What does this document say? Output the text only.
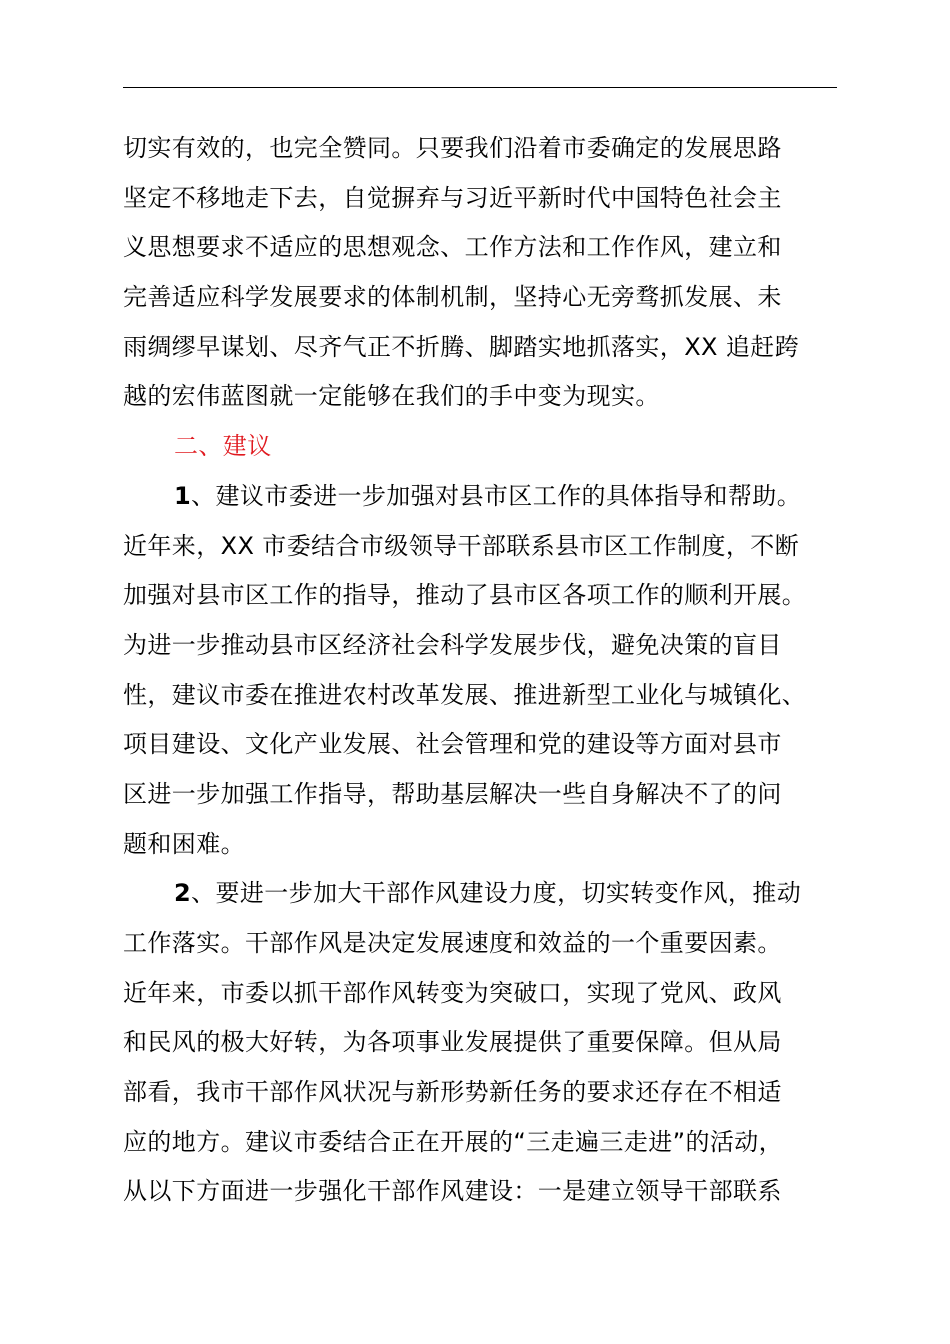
切实有效的，也完全赞同。只要我们沿着市委确定的发展思路
坚定不移地走下去，自觉摒弃与习近平新时代中国特色社会主
义思想要求不适应的思想观念、工作方法和工作作风，建立和
完善适应科学发展要求的体制机制，坚持心无旁骛抓发展、未
雨绸缪早谋划、尽齐气正不折腾、脚踏实地抓落实，XX 追赶跨
越的宏伟蓝图就一定能够在我们的手中变为现实。
二、建议
1、建议市委进一步加强对县市区工作的具体指导和帮助。
近年来，XX 市委结合市级领导干部联系县市区工作制度，不断
加强对县市区工作的指导，推动了县市区各项工作的顺利开展。
为进一步推动县市区经济社会科学发展步伐，避免决策的盲目
性，建议市委在推进农村改革发展、推进新型工业化与城镇化、
项目建设、文化产业发展、社会管理和党的建设等方面对县市
区进一步加强工作指导，帮助基层解决一些自身解决不了的问
题和困难。
2、要进一步加大干部作风建设力度，切实转变作风，推动
工作落实。干部作风是决定发展速度和效益的一个重要因素。
近年来，市委以抓干部作风转变为突破口，实现了党风、政风
和民风的极大好转，为各项事业发展提供了重要保障。但从局
部看，我市干部作风状况与新形势新任务的要求还存在不相适
应的地方。建议市委结合正在开展的“三走遍三走进”的活动，
从以下方面进一步强化干部作风建设：一是建立领导干部联系
